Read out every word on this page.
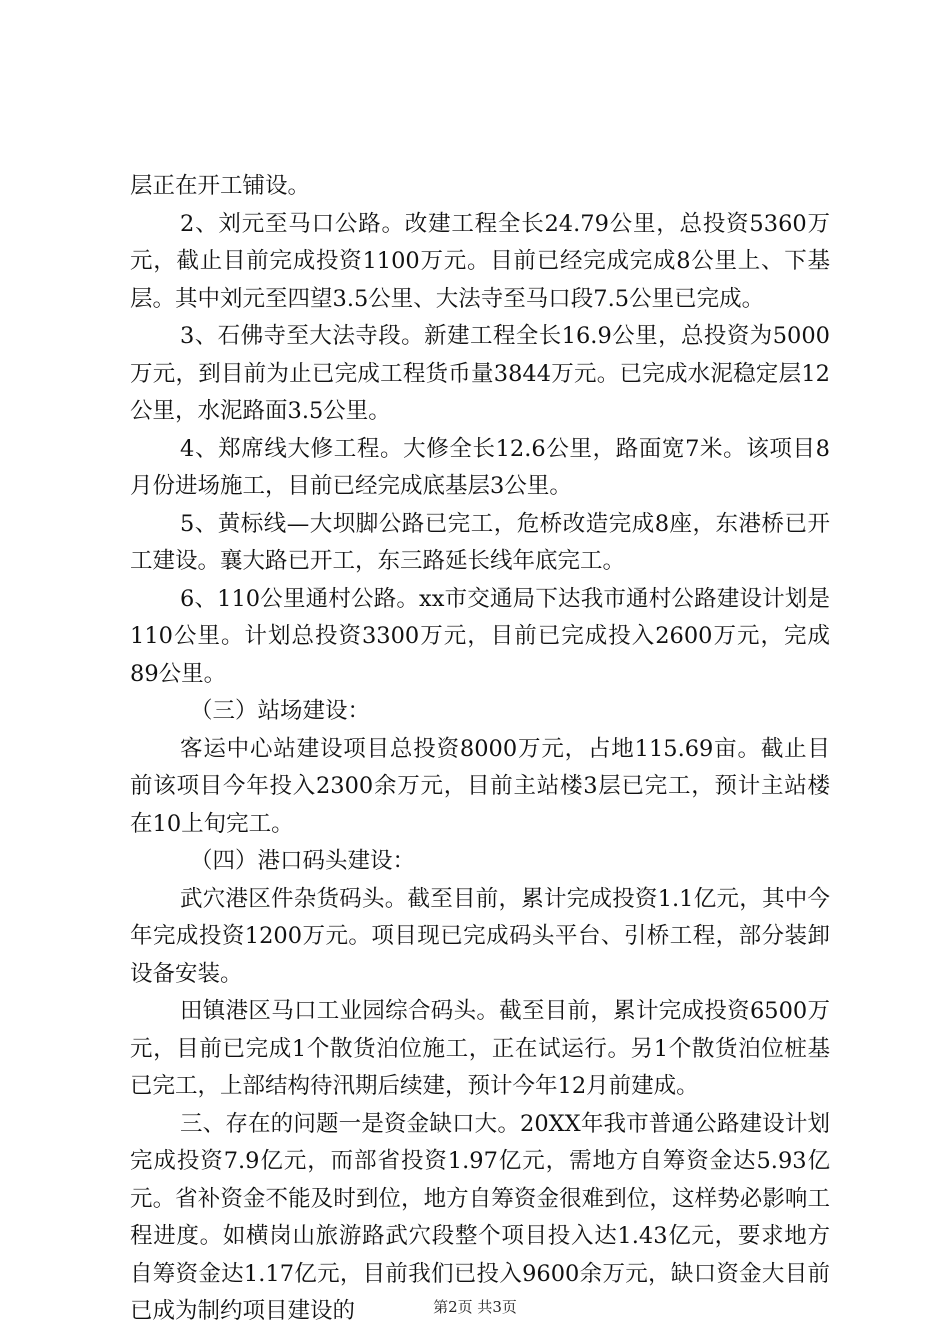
层正在开工铺设。

2、刘元至马口公路。改建工程全长24.79公里，总投资5360万元，截止目前完成投资1100万元。目前已经完成完成8公里上、下基层。其中刘元至四望3.5公里、大法寺至马口段7.5公里已完成。

3、石佛寺至大法寺段。新建工程全长16.9公里，总投资为5000万元，到目前为止已完成工程货币量3844万元。已完成水泥稳定层12公里，水泥路面3.5公里。

4、郑席线大修工程。大修全长12.6公里，路面宽7米。该项目8月份进场施工，目前已经完成底基层3公里。

5、黄标线—大坝脚公路已完工，危桥改造完成8座，东港桥已开工建设。襄大路已开工，东三路延长线年底完工。

6、110公里通村公路。xx市交通局下达我市通村公路建设计划是110公里。计划总投资3300万元，目前已完成投入2600万元，完成89公里。

（三）站场建设：

客运中心站建设项目总投资8000万元，占地115.69亩。截止目前该项目今年投入2300余万元，目前主站楼3层已完工，预计主站楼在10上旬完工。

（四）港口码头建设：

武穴港区件杂货码头。截至目前，累计完成投资1.1亿元，其中今年完成投资1200万元。项目现已完成码头平台、引桥工程，部分装卸设备安装。

田镇港区马口工业园综合码头。截至目前，累计完成投资6500万元，目前已完成1个散货泊位施工，正在试运行。另1个散货泊位桩基已完工，上部结构待汛期后续建，预计今年12月前建成。

三、存在的问题一是资金缺口大。20XX年我市普通公路建设计划完成投资7.9亿元，而部省投资1.97亿元，需地方自筹资金达5.93亿元。省补资金不能及时到位，地方自筹资金很难到位，这样势必影响工程进度。如横岗山旅游路武穴段整个项目投入达1.43亿元，要求地方自筹资金达1.17亿元，目前我们已投入9600余万元，缺口资金大目前已成为制约项目建设的	第2页 共3页
